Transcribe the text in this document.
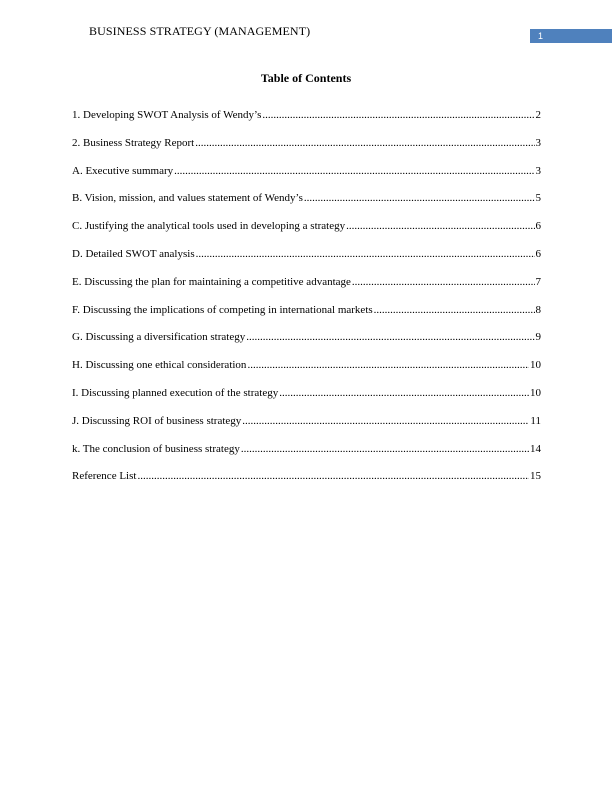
BUSINESS STRATEGY (MANAGEMENT)	1
Table of Contents
1. Developing SWOT Analysis of Wendy’s .....	2
2. Business Strategy Report .....	3
A. Executive summary .....	3
B. Vision, mission, and values statement of Wendy’s .....	5
C. Justifying the analytical tools used in developing a strategy .....	6
D. Detailed SWOT analysis .....	6
E. Discussing the plan for maintaining a competitive advantage .....	7
F. Discussing the implications of competing in international markets .....	8
G. Discussing a diversification strategy .....	9
H. Discussing one ethical consideration .....	10
I. Discussing planned execution of the strategy .....	10
J. Discussing ROI of business strategy .....	11
k. The conclusion of business strategy .....	14
Reference List .....	15
